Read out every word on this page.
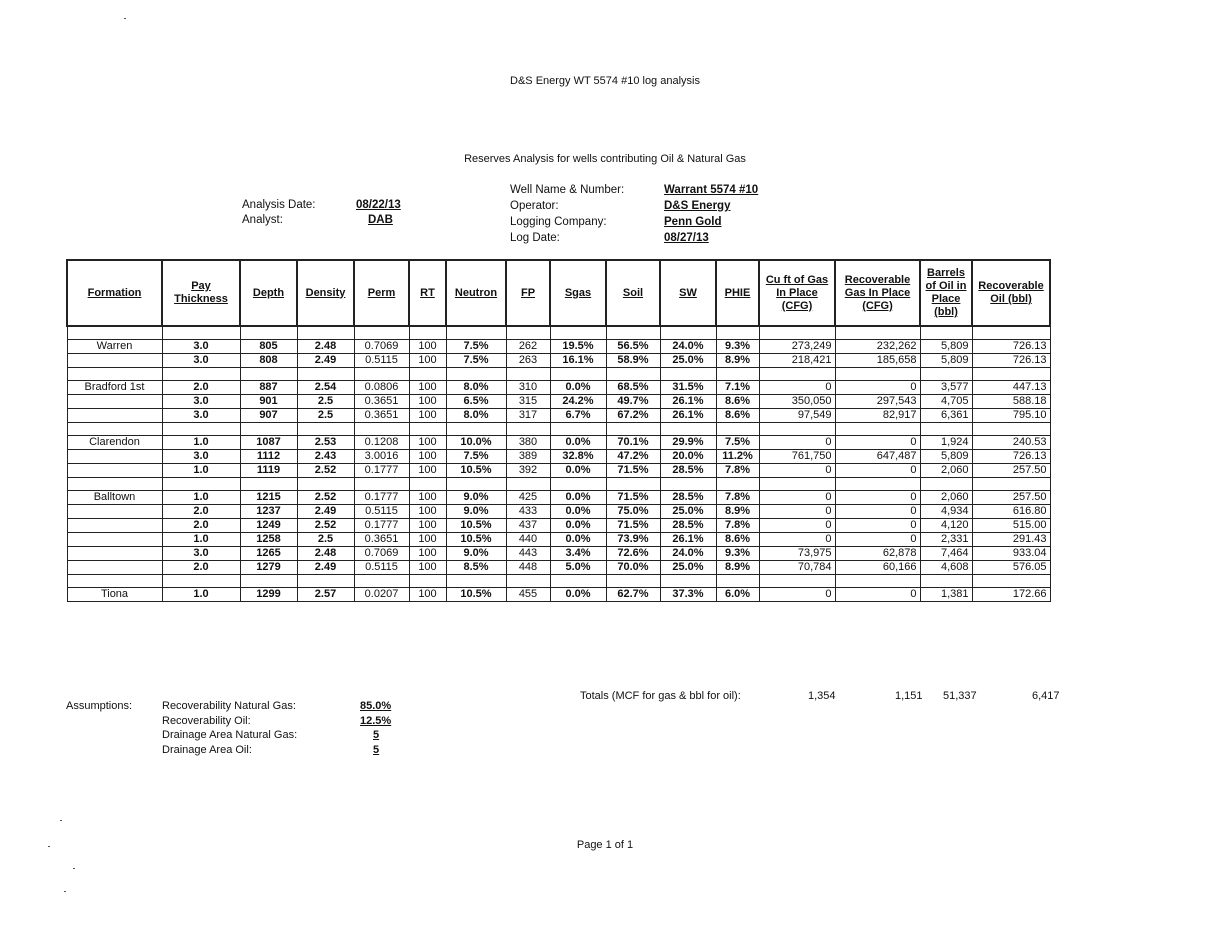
D&S Energy WT 5574 #10 log analysis
Reserves Analysis for wells contributing Oil & Natural Gas
Analysis Date:	08/22/13
Analyst:	DAB
Well Name & Number:	Warrant 5574 #10
Operator:	D&S Energy
Logging Company:	Penn Gold
Log Date:	08/27/13
Formation	Pay Thickness	Depth	Density	Perm	RT	Neutron	FP	Sgas	Soil	SW	PHIE	Cu ft of Gas In Place (CFG)	Recoverable Gas In Place (CFG)	Barrels of Oil in Place (bbl)	Recoverable Oil (bbl)

Warren	3.0	805	2.48	0.7069	100	7.5%	262	19.5%	56.5%	24.0%	9.3%	273,249	232,262	5,809	726.13
	3.0	808	2.49	0.5115	100	7.5%	263	16.1%	58.9%	25.0%	8.9%	218,421	185,658	5,809	726.13

Bradford 1st	2.0	887	2.54	0.0806	100	8.0%	310	0.0%	68.5%	31.5%	7.1%	0	0	3,577	447.13
	3.0	901	2.5	0.3651	100	6.5%	315	24.2%	49.7%	26.1%	8.6%	350,050	297,543	4,705	588.18
	3.0	907	2.5	0.3651	100	8.0%	317	6.7%	67.2%	26.1%	8.6%	97,549	82,917	6,361	795.10

Clarendon	1.0	1087	2.53	0.1208	100	10.0%	380	0.0%	70.1%	29.9%	7.5%	0	0	1,924	240.53
	3.0	1112	2.43	3.0016	100	7.5%	389	32.8%	47.2%	20.0%	11.2%	761,750	647,487	5,809	726.13
	1.0	1119	2.52	0.1777	100	10.5%	392	0.0%	71.5%	28.5%	7.8%	0	0	2,060	257.50

Balltown	1.0	1215	2.52	0.1777	100	9.0%	425	0.0%	71.5%	28.5%	7.8%	0	0	2,060	257.50
	2.0	1237	2.49	0.5115	100	9.0%	433	0.0%	75.0%	25.0%	8.9%	0	0	4,934	616.80
	2.0	1249	2.52	0.1777	100	10.5%	437	0.0%	71.5%	28.5%	7.8%	0	0	4,120	515.00
	1.0	1258	2.5	0.3651	100	10.5%	440	0.0%	73.9%	26.1%	8.6%	0	0	2,331	291.43
	3.0	1265	2.48	0.7069	100	9.0%	443	3.4%	72.6%	24.0%	9.3%	73,975	62,878	7,464	933.04
	2.0	1279	2.49	0.5115	100	8.5%	448	5.0%	70.0%	25.0%	8.9%	70,784	60,166	4,608	576.05

Tiona	1.0	1299	2.57	0.0207	100	10.5%	455	0.0%	62.7%	37.3%	6.0%	0	0	1,381	172.66
Totals (MCF for gas & bbl for oil):	1,354	1,151 51,337	6,417
Assumptions:	Recoverability Natural Gas:	85.0%
Recoverability Oil:	12.5%
Drainage Area Natural Gas:	5
Drainage Area Oil:	5
Page 1 of 1
